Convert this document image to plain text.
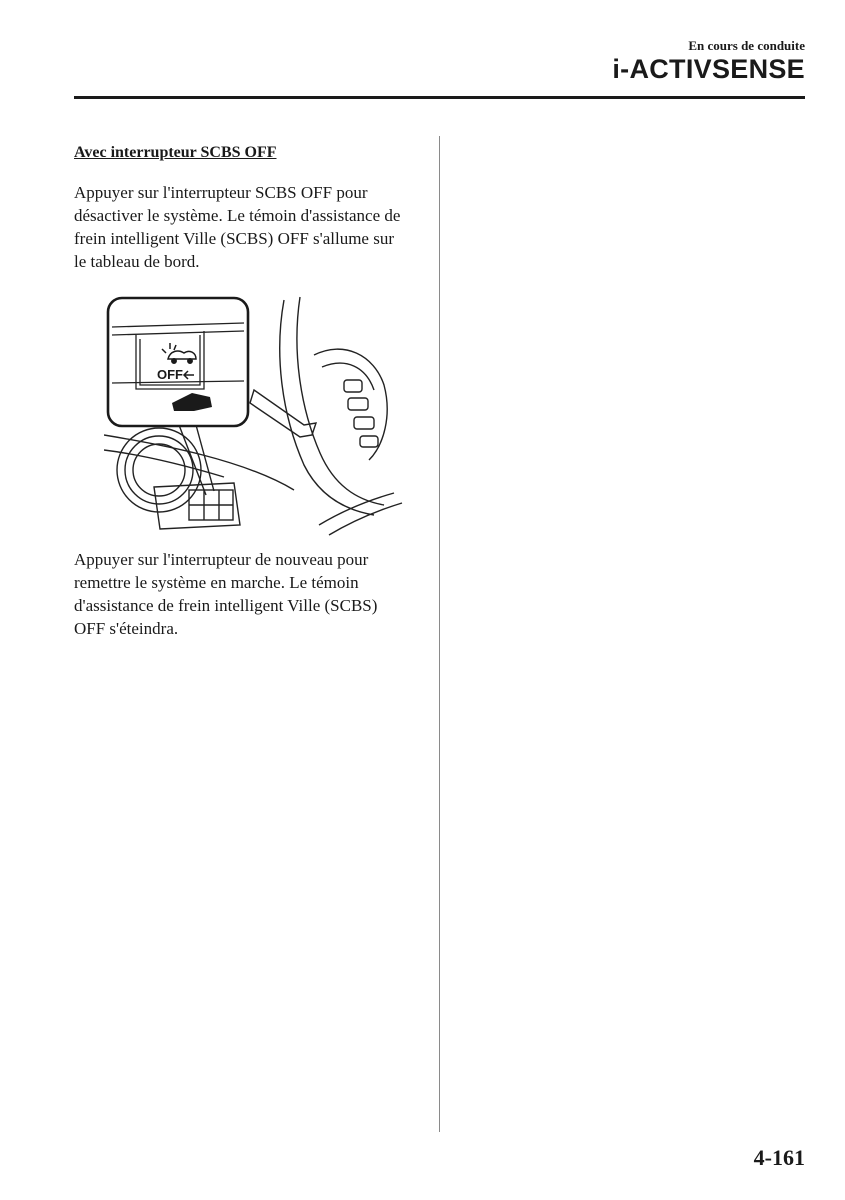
En cours de conduite
i-ACTIVSENSE

Avec interrupteur SCBS OFF

Appuyer sur l'interrupteur SCBS OFF pour désactiver le système. Le témoin d'assistance de frein intelligent Ville (SCBS) OFF s'allume sur le tableau de bord.

OFF

Appuyer sur l'interrupteur de nouveau pour remettre le système en marche. Le témoin d'assistance de frein intelligent Ville (SCBS) OFF s'éteindra.

4-161
